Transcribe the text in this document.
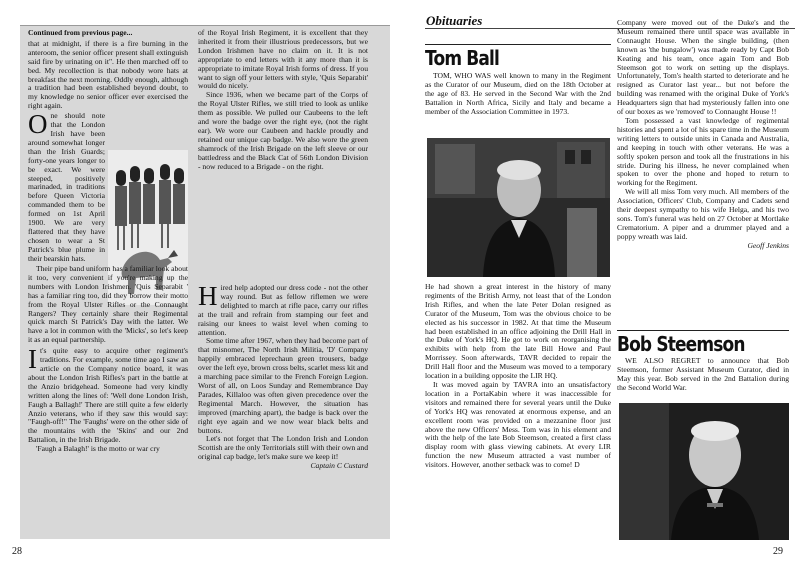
Continued from previous page...

that at midnight, if there is a fire burning in the anteroom, the senior officer present shall extinguish said fire by urinating on it". He then marched off to bed. My recollection is that nobody wore hats at breakfast the next morning. Oddly enough, although a tradition had been established beyond doubt, to my knowledge no senior officer ever exercised the right again.

O ne should note that the London Irish have been around somewhat longer than the Irish Guards; forty-one years longer to be exact. We were steeped, positively marinaded, in traditions before Queen Victoria commanded them to be formed on 1st April 1900. We are very flattered that they have chosen to wear a St Patrick's blue plume in their bearskin hats.

Their pipe band uniform has a familiar look about it too, very convenient if you're making up the numbers with London Irishmen. 'Quis Separabit ' has a familiar ring too, did they borrow their motto from the Royal Ulster Rifles or the Connaught Rangers? They certainly share their Regimental quick march St Patrick's Day with the latter. We have a lot in common with the 'Micks', so let's keep it as an equal partnership.

I t's quite easy to acquire other regiment's traditions. For example, some time ago I saw an article on the Company notice board, it was about the London Irish Rifles's part in the battle at the Anzio bridgehead. Someone had very kindly written along the lines of: 'Well done London Irish, Faugh a Ballagh!' There are still quite a few elderly Anzio veterans, who if they saw this would say: "Faugh-off!" The 'Faughs' were on the other side of the mountains with the 'Skins' and our 2nd Battalion, in the Irish Brigade.

'Faugh a Balagh!' is the motto or war cry

of the Royal Irish Regiment, it is excellent that they inherited it from their illustrious predecessors, but we London Irishmen have no claim on it. It is not appropriate to end letters with it any more than it is appropriate to imitate Royal Irish forms of dress. If you want to sign off your letters with style, 'Quis Separabit' would do nicely.

Since 1936, when we became part of the Corps of the Royal Ulster Rifles, we still tried to look as unlike them as possible. We pulled our Caubeens to the left and wore the badge over the right eye, (not the right ear). We wore our Caubeen and hackle proudly and retained our unique cap badge. We also wore the green shamrock of the Irish Brigade on the left sleeve or our battledress and the Black Cat of 56th London Division - now reduced to a Brigade - on the right.

H ired help adopted our dress code - not the other way round. But as fellow riflemen we were delighted to march at rifle pace, carry our rifles at the trail and refrain from stamping our feet and raising our knees to waist level when coming to attention.

Some time after 1967, when they had become part of that misnomer, The North Irish Militia, 'D' Company happily embraced leprechaun green trousers, badge over the left eye, brown cross belts, scarlet mess kit and a marching pace similar to the French Foreign Legion. Worst of all, on Loos Sunday and Remembrance Day Parades, Killaloo was often given precedence over the Regimental March. However, the situation has improved (marching apart), the badge is back over the right eye again and we now wear black belts and buttons.

Let's not forget that The London Irish and London Scottish are the only Territorials still with their own and original cap badge, let's make sure we keep it!
Captain C Custard

28
Obituaries
Tom Ball

TOM, WHO WAS well known to many in the Regiment as the Curator of our Museum, died on the 18th October at the age of 83. He served in the Second War with the 2nd Battalion in North Africa, Sicily and Italy and became a member of the Association Committee in 1973.

He had shown a great interest in the history of many regiments of the British Army, not least that of the London Irish Rifles, and when the late Peter Dolan resigned as Curator of the Museum, Tom was the obvious choice to be elected as his successor in 1982. At that time the Museum had been established in an office adjoining the Drill Hall in the Duke of York's HQ. He got to work on reorganising the exhibits with help from the late Bill Howe and Paul Morrissey. Soon afterwards, TAVR decided to repair the Drill Hall floor and the Museum was moved to a temporary location in a building opposite the LIR HQ.

It was moved again by TAVRA into an unsatisfactory location in a PortaKabin where it was inaccessible for visitors and remained there for several years until the Duke of York's HQ was renovated at enormous expense, and an excellent room was provided on a mezzanine floor just above the new Officers' Mess. Tom was in his element and with the help of the late Bob Steemson, created a first class display room with glass viewing cabinets. At every LIR function the new Museum attracted a vast number of visitors. However, another setback was to come! D

Company were moved out of the Duke's and the Museum remained there until space was available in Connaught House. When the single building, (then known as 'the bungalow') was made ready by Capt Bob Keating and his team, once again Tom and Bob Steemson got to work on setting up the displays. Unfortunately, Tom's health started to deteriorate and he resigned as Curator last year... but not before the building was renamed with the original Duke of York's Headquarters sign that had mysteriously fallen into one of our boxes as we 'removed' to Connaught House !!

Tom possessed a vast knowledge of regimental histories and spent a lot of his spare time in the Museum writing letters to outside units in Canada and Australia, and keeping in touch with other veterans. He was a softly spoken person and took all the frustrations in his stride. During his illness, he never complained when spoken to over the phone and hoped to return to working for the Regiment.

We will all miss Tom very much. All members of the Association, Officers' Club, Company and Cadets send their deepest sympathy to his wife Helga, and his two sons. Tom's funeral was held on 27 October at Mortlake Crematorium. A piper and a drummer played and a poppy wreath was laid.

Geoff Jenkins
Bob Steemson

WE ALSO REGRET to announce that Bob Steemson, former Assistant Museum Curator, died in May this year. Bob served in the 2nd Battalion during the Second World War.

29
